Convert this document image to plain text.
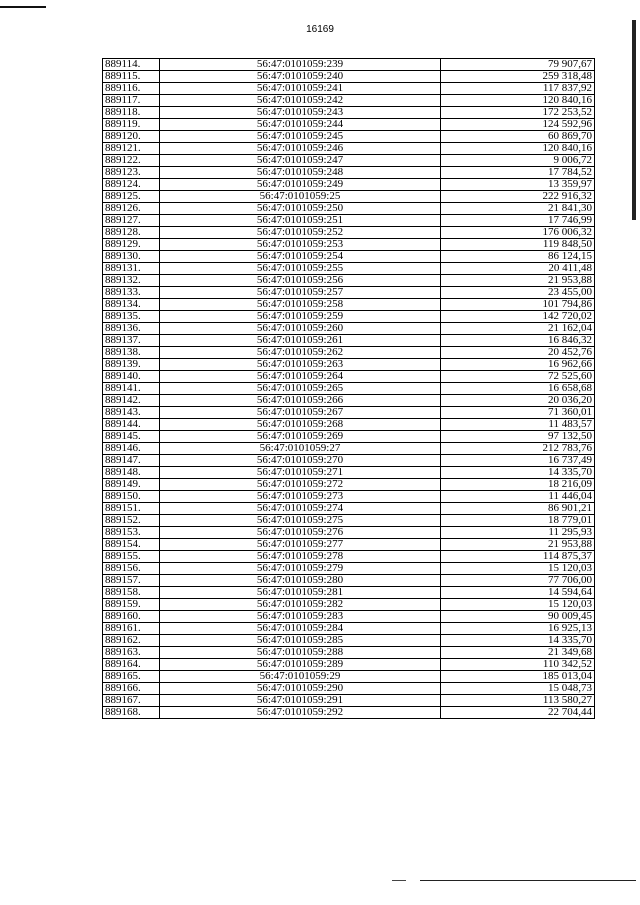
16169
889114.	56:47:0101059:239	79 907,67
889115.	56:47:0101059:240	259 318,48
889116.	56:47:0101059:241	117 837,92
889117.	56:47:0101059:242	120 840,16
889118.	56:47:0101059:243	172 253,52
889119.	56:47:0101059:244	124 592,96
889120.	56:47:0101059:245	60 869,70
889121.	56:47:0101059:246	120 840,16
889122.	56:47:0101059:247	9 006,72
889123.	56:47:0101059:248	17 784,52
889124.	56:47:0101059:249	13 359,97
889125.	56:47:0101059:25	222 916,32
889126.	56:47:0101059:250	21 841,30
889127.	56:47:0101059:251	17 746,99
889128.	56:47:0101059:252	176 006,32
889129.	56:47:0101059:253	119 848,50
889130.	56:47:0101059:254	86 124,15
889131.	56:47:0101059:255	20 411,48
889132.	56:47:0101059:256	21 953,88
889133.	56:47:0101059:257	23 455,00
889134.	56:47:0101059:258	101 794,86
889135.	56:47:0101059:259	142 720,02
889136.	56:47:0101059:260	21 162,04
889137.	56:47:0101059:261	16 846,32
889138.	56:47:0101059:262	20 452,76
889139.	56:47:0101059:263	16 962,66
889140.	56:47:0101059:264	72 525,60
889141.	56:47:0101059:265	16 658,68
889142.	56:47:0101059:266	20 036,20
889143.	56:47:0101059:267	71 360,01
889144.	56:47:0101059:268	11 483,57
889145.	56:47:0101059:269	97 132,50
889146.	56:47:0101059:27	212 783,76
889147.	56:47:0101059:270	16 737,49
889148.	56:47:0101059:271	14 335,70
889149.	56:47:0101059:272	18 216,09
889150.	56:47:0101059:273	11 446,04
889151.	56:47:0101059:274	86 901,21
889152.	56:47:0101059:275	18 779,01
889153.	56:47:0101059:276	11 295,93
889154.	56:47:0101059:277	21 953,88
889155.	56:47:0101059:278	114 875,37
889156.	56:47:0101059:279	15 120,03
889157.	56:47:0101059:280	77 706,00
889158.	56:47:0101059:281	14 594,64
889159.	56:47:0101059:282	15 120,03
889160.	56:47:0101059:283	90 009,45
889161.	56:47:0101059:284	16 925,13
889162.	56:47:0101059:285	14 335,70
889163.	56:47:0101059:288	21 349,68
889164.	56:47:0101059:289	110 342,52
889165.	56:47:0101059:29	185 013,04
889166.	56:47:0101059:290	15 048,73
889167.	56:47:0101059:291	113 580,27
889168.	56:47:0101059:292	22 704,44
